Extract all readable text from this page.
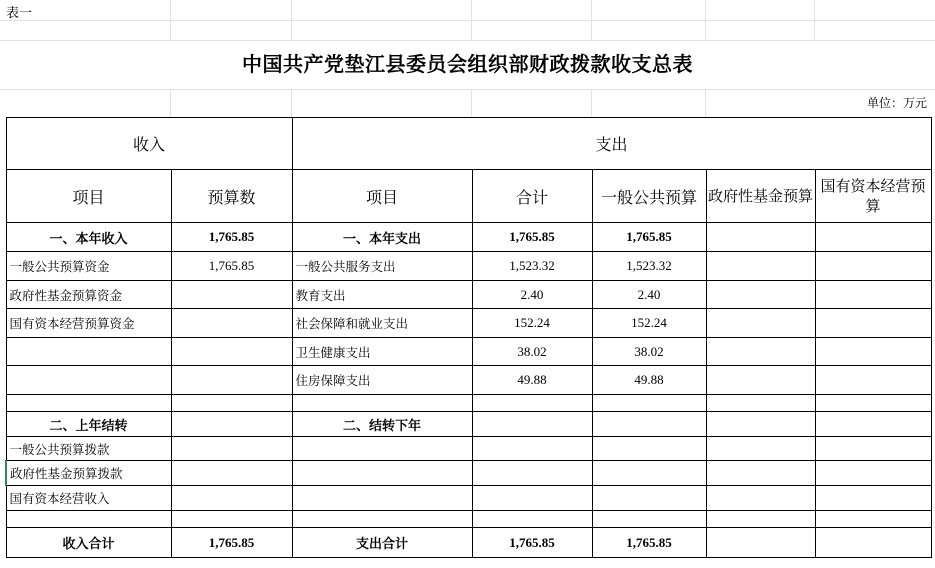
表一
中国共产党垫江县委员会组织部财政拨款收支总表
单位：万元
收入		支出				
项目	预算数	项目	合计	一般公共预算	政府性基金预算	国有资本经营预算
一、本年收入	1,765.85	一、本年支出	1,765.85	1,765.85		
一般公共预算资金	1,765.85	一般公共服务支出	1,523.32	1,523.32		
政府性基金预算资金		教育支出	2.40	2.40		
国有资本经营预算资金		社会保障和就业支出	152.24	152.24		
		卫生健康支出	38.02	38.02		
		住房保障支出	49.88	49.88		

二、上年结转		二、结转下年				
一般公共预算拨款						
政府性基金预算拨款						
国有资本经营收入						

收入合计	1,765.85	支出合计	1,765.85	1,765.85		
